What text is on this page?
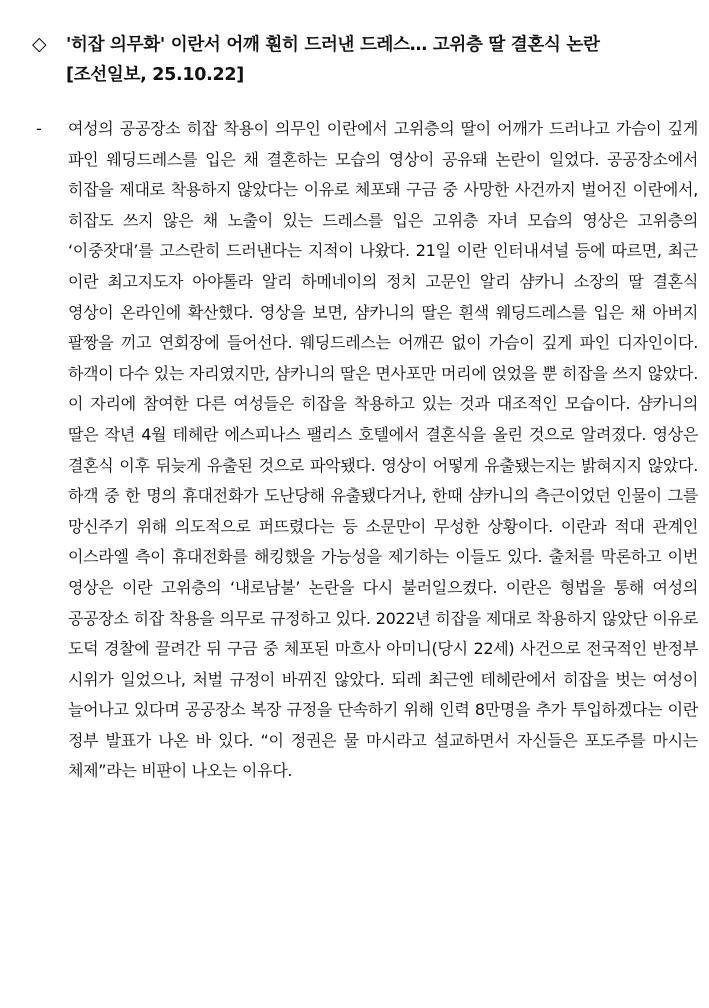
◇	'히잡 의무화' 이란서 어깨 훤히 드러낸 드레스… 고위층 딸 결혼식 논란
[조선일보, 25.10.22]
-	여성의 공공장소 히잡 착용이 의무인 이란에서 고위층의 딸이 어깨가 드러나고 가슴이 깊게 파인 웨딩드레스를 입은 채 결혼하는 모습의 영상이 공유돼 논란이 일었다. 공공장소에서 히잡을 제대로 착용하지 않았다는 이유로 체포돼 구금 중 사망한 사건까지 벌어진 이란에서, 히잡도 쓰지 않은 채 노출이 있는 드레스를 입은 고위층 자녀 모습의 영상은 고위층의 ‘이중잣대’를 고스란히 드러낸다는 지적이 나왔다. 21일 이란 인터내셔널 등에 따르면, 최근 이란 최고지도자 아야톨라 알리 하메네이의 정치 고문인 알리 샴카니 소장의 딸 결혼식 영상이 온라인에 확산했다. 영상을 보면, 샴카니의 딸은 흰색 웨딩드레스를 입은 채 아버지 팔짱을 끼고 연회장에 들어선다. 웨딩드레스는 어깨끈 없이 가슴이 깊게 파인 디자인이다. 하객이 다수 있는 자리였지만, 샴카니의 딸은 면사포만 머리에 얹었을 뿐 히잡을 쓰지 않았다. 이 자리에 참여한 다른 여성들은 히잡을 착용하고 있는 것과 대조적인 모습이다. 샴카니의 딸은 작년 4월 테헤란 에스피나스 팰리스 호텔에서 결혼식을 올린 것으로 알려졌다. 영상은 결혼식 이후 뒤늦게 유출된 것으로 파악됐다. 영상이 어떻게 유출됐는지는 밝혀지지 않았다. 하객 중 한 명의 휴대전화가 도난당해 유출됐다거나, 한때 샴카니의 측근이었던 인물이 그를 망신주기 위해 의도적으로 퍼뜨렸다는 등 소문만이 무성한 상황이다. 이란과 적대 관계인 이스라엘 측이 휴대전화를 해킹했을 가능성을 제기하는 이들도 있다. 출처를 막론하고 이번 영상은 이란 고위층의 ‘내로남불’ 논란을 다시 불러일으켰다. 이란은 형법을 통해 여성의 공공장소 히잡 착용을 의무로 규정하고 있다. 2022년 히잡을 제대로 착용하지 않았단 이유로 도덕 경찰에 끌려간 뒤 구금 중 체포된 마흐사 아미니(당시 22세) 사건으로 전국적인 반정부 시위가 일었으나, 처벌 규정이 바뀌진 않았다. 되레 최근엔 테헤란에서 히잡을 벗는 여성이 늘어나고 있다며 공공장소 복장 규정을 단속하기 위해 인력 8만명을 추가 투입하겠다는 이란 정부 발표가 나온 바 있다. “이 정권은 물 마시라고 설교하면서 자신들은 포도주를 마시는 체제”라는 비판이 나오는 이유다.
